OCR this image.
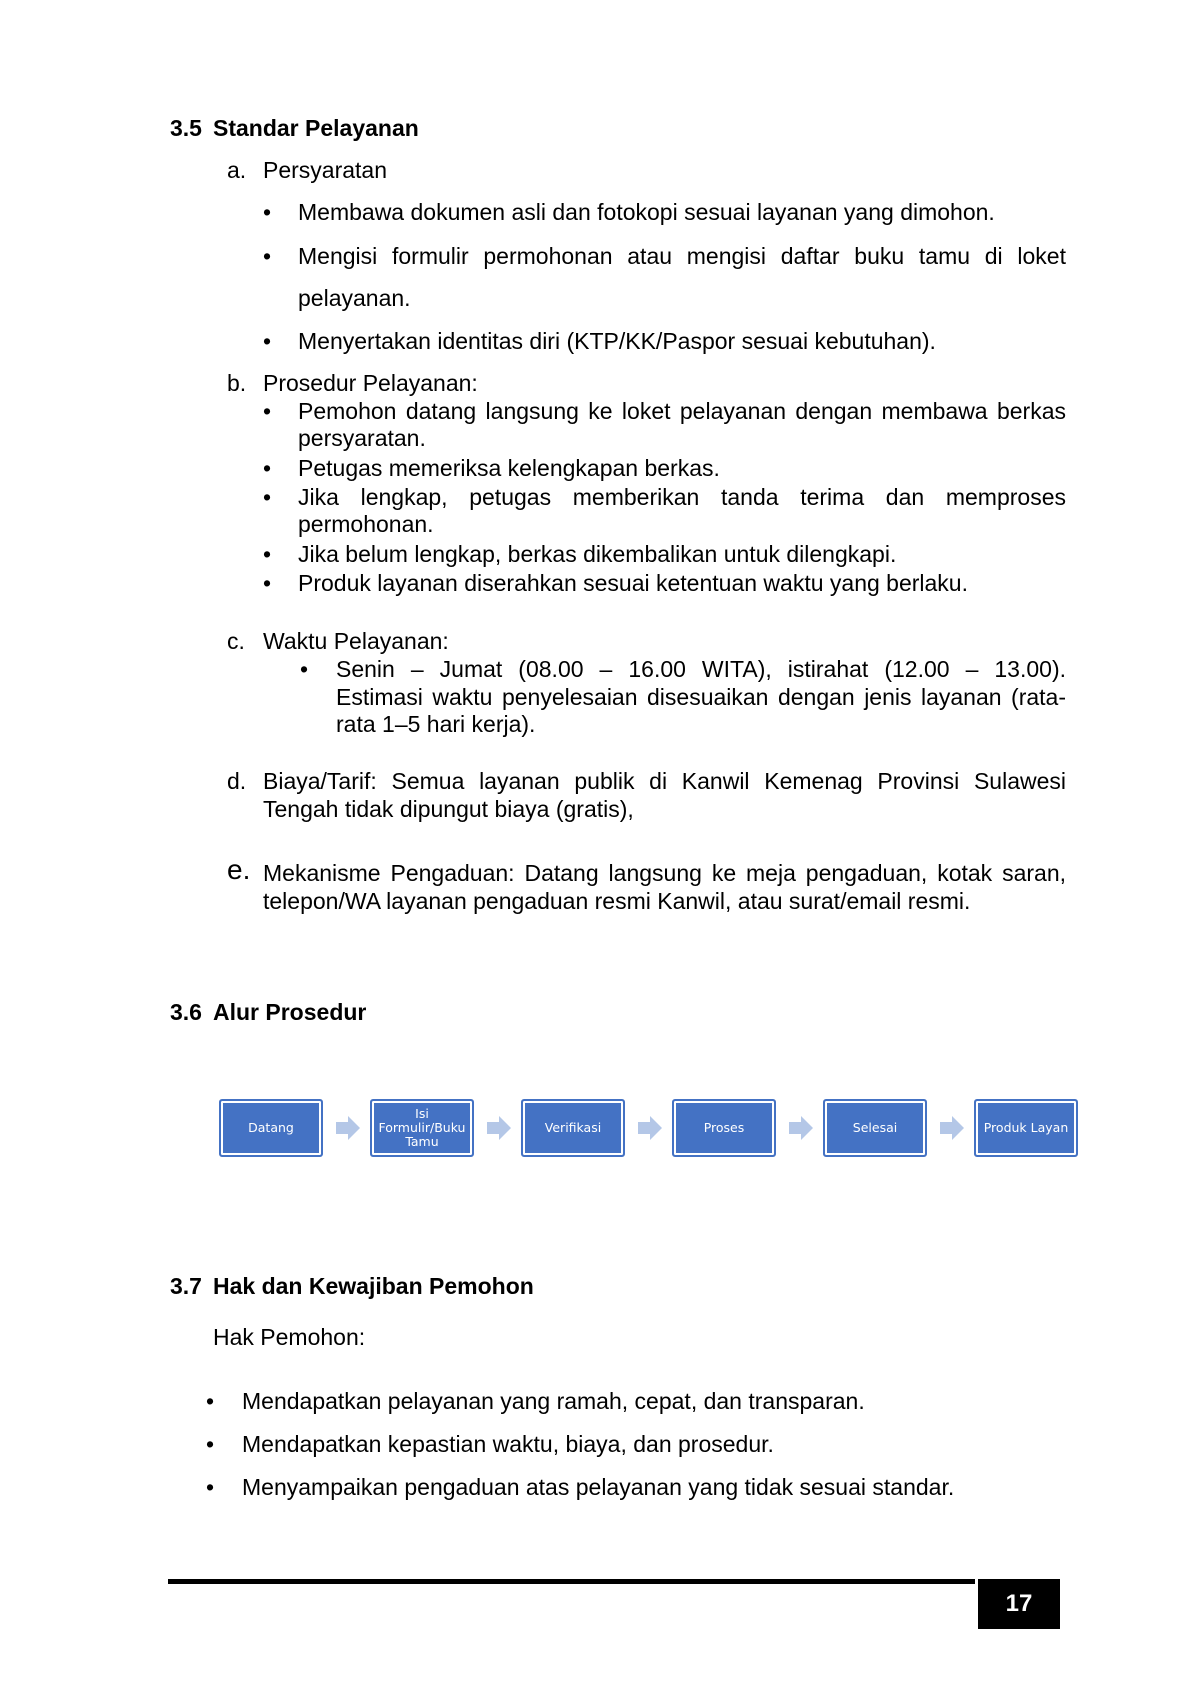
3.5 Standar Pelayanan
a. Persyaratan
• Membawa dokumen asli dan fotokopi sesuai layanan yang dimohon.
• Mengisi formulir permohonan atau mengisi daftar buku tamu di loket
pelayanan.
• Menyertakan identitas diri (KTP/KK/Paspor sesuai kebutuhan).
b. Prosedur Pelayanan:
• Pemohon datang langsung ke loket pelayanan dengan membawa berkas
persyaratan.
• Petugas memeriksa kelengkapan berkas.
• Jika lengkap, petugas memberikan tanda terima dan memproses
permohonan.
• Jika belum lengkap, berkas dikembalikan untuk dilengkapi.
• Produk layanan diserahkan sesuai ketentuan waktu yang berlaku.
c. Waktu Pelayanan:
• Senin – Jumat (08.00 – 16.00 WITA), istirahat (12.00 – 13.00).
Estimasi waktu penyelesaian disesuaikan dengan jenis layanan (rata-
rata 1–5 hari kerja).
d. Biaya/Tarif: Semua layanan publik di Kanwil Kemenag Provinsi Sulawesi
Tengah tidak dipungut biaya (gratis),
e. Mekanisme Pengaduan: Datang langsung ke meja pengaduan, kotak saran,
telepon/WA layanan pengaduan resmi Kanwil, atau surat/email resmi.
3.6 Alur Prosedur
Datang
Isi Formulir/Buku Tamu
Verifikasi	Proses	Selesai	Produk Layan
3.7 Hak dan Kewajiban Pemohon
Hak Pemohon:
• Mendapatkan pelayanan yang ramah, cepat, dan transparan.
• Mendapatkan kepastian waktu, biaya, dan prosedur.
• Menyampaikan pengaduan atas pelayanan yang tidak sesuai standar.
17
